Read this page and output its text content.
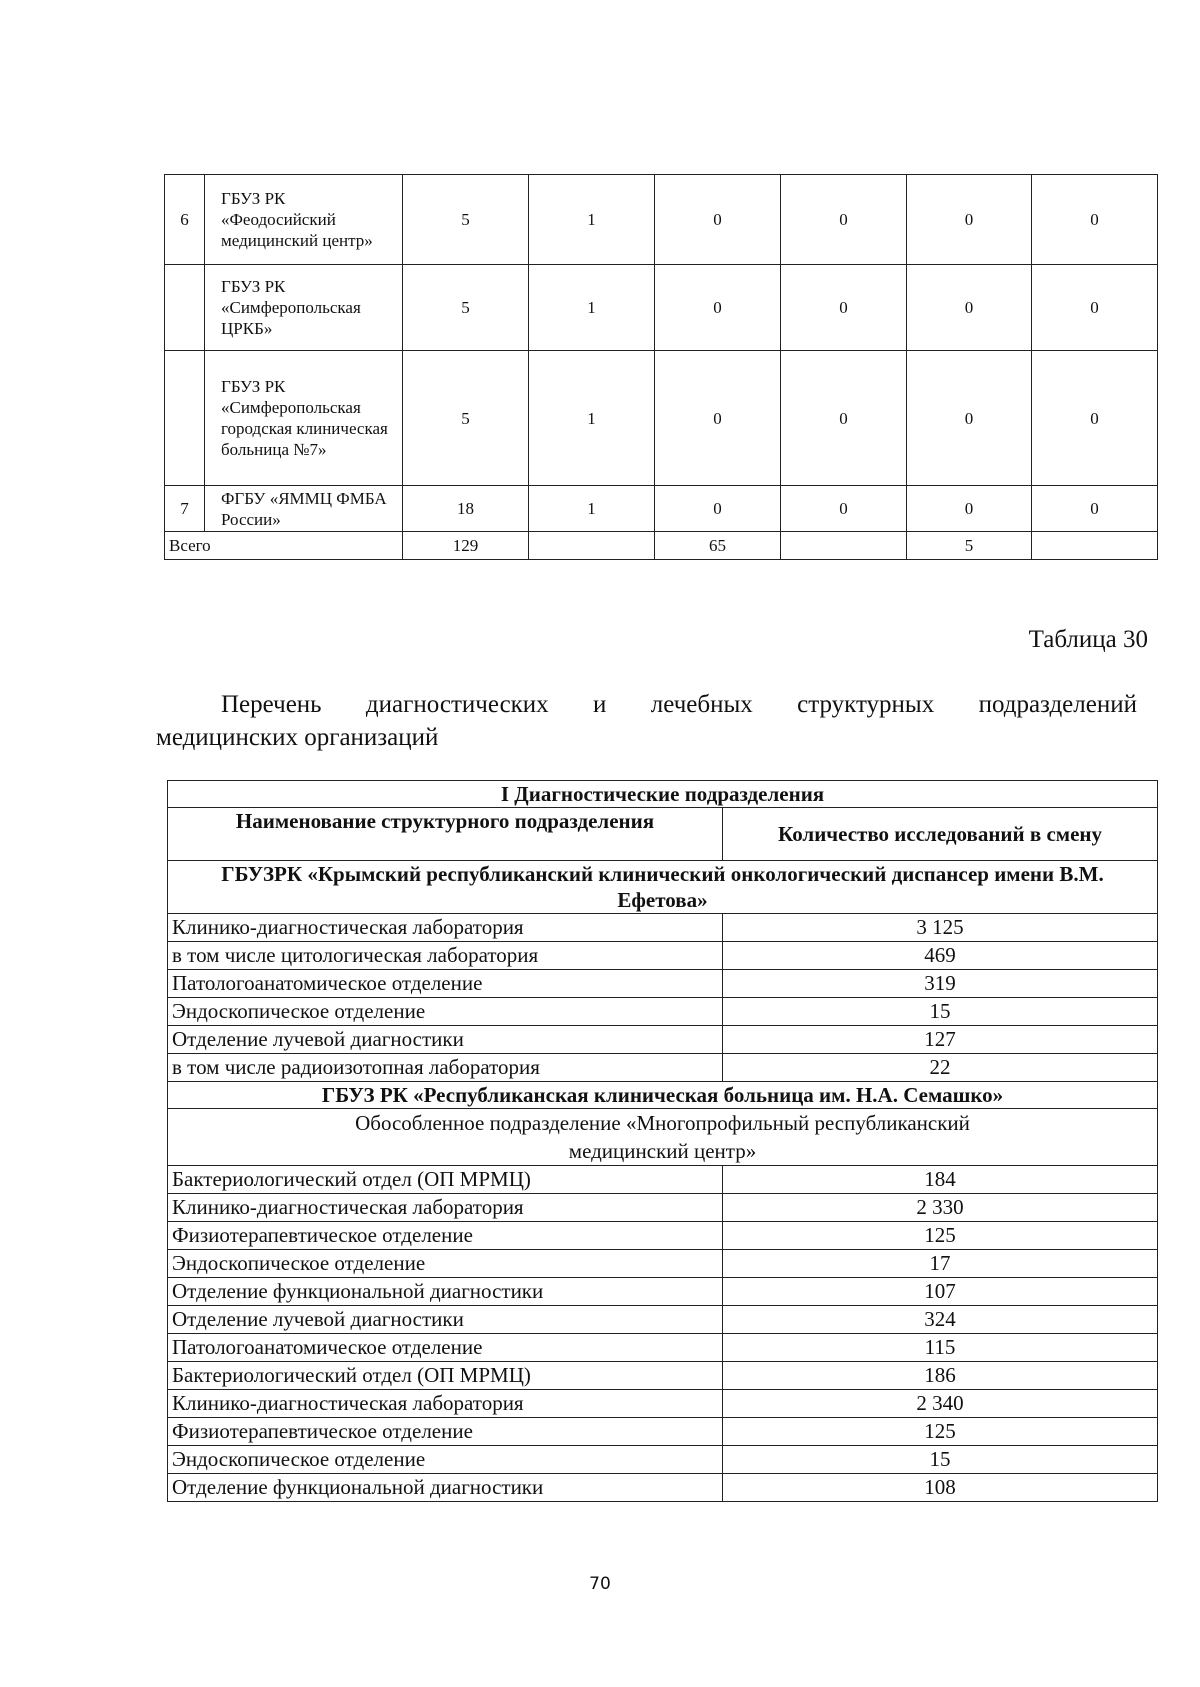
6	ГБУЗ РК «Феодосийский медицинский центр»	5	1	0	0	0	0
	ГБУЗ РК «Симферопольская ЦРКБ»	5	1	0	0	0	0
	ГБУЗ РК «Симферопольская городская клиническая больница №7»	5	1	0	0	0	0
7	ФГБУ «ЯММЦ ФМБА России»	18	1	0	0	0	0
Всего		129		65		5	

Таблица 30

Перечень диагностических и лечебных структурных подразделений
медицинских организаций

I Диагностические подразделения	
Наименование структурного подразделения	Количество исследований в смену
ГБУЗРК «Крымский республиканский клинический онкологический диспансер имени В.М. Ефетова»	
Клинико-диагностическая лаборатория	3 125
в том числе цитологическая лаборатория	469
Патологоанатомическое отделение	319
Эндоскопическое отделение	15
Отделение лучевой диагностики	127
в том числе радиоизотопная лаборатория	22
ГБУЗ РК «Республиканская клиническая больница им. Н.А. Семашко»	
Обособленное подразделение «Многопрофильный республиканский медицинский центр»	
Бактериологический отдел (ОП МРМЦ)	184
Клинико-диагностическая лаборатория	2 330
Физиотерапевтическое отделение	125
Эндоскопическое отделение	17
Отделение функциональной диагностики	107
Отделение лучевой диагностики	324
Патологоанатомическое отделение	115
Бактериологический отдел (ОП МРМЦ)	186
Клинико-диагностическая лаборатория	2 340
Физиотерапевтическое отделение	125
Эндоскопическое отделение	15
Отделение функциональной диагностики	108

70
